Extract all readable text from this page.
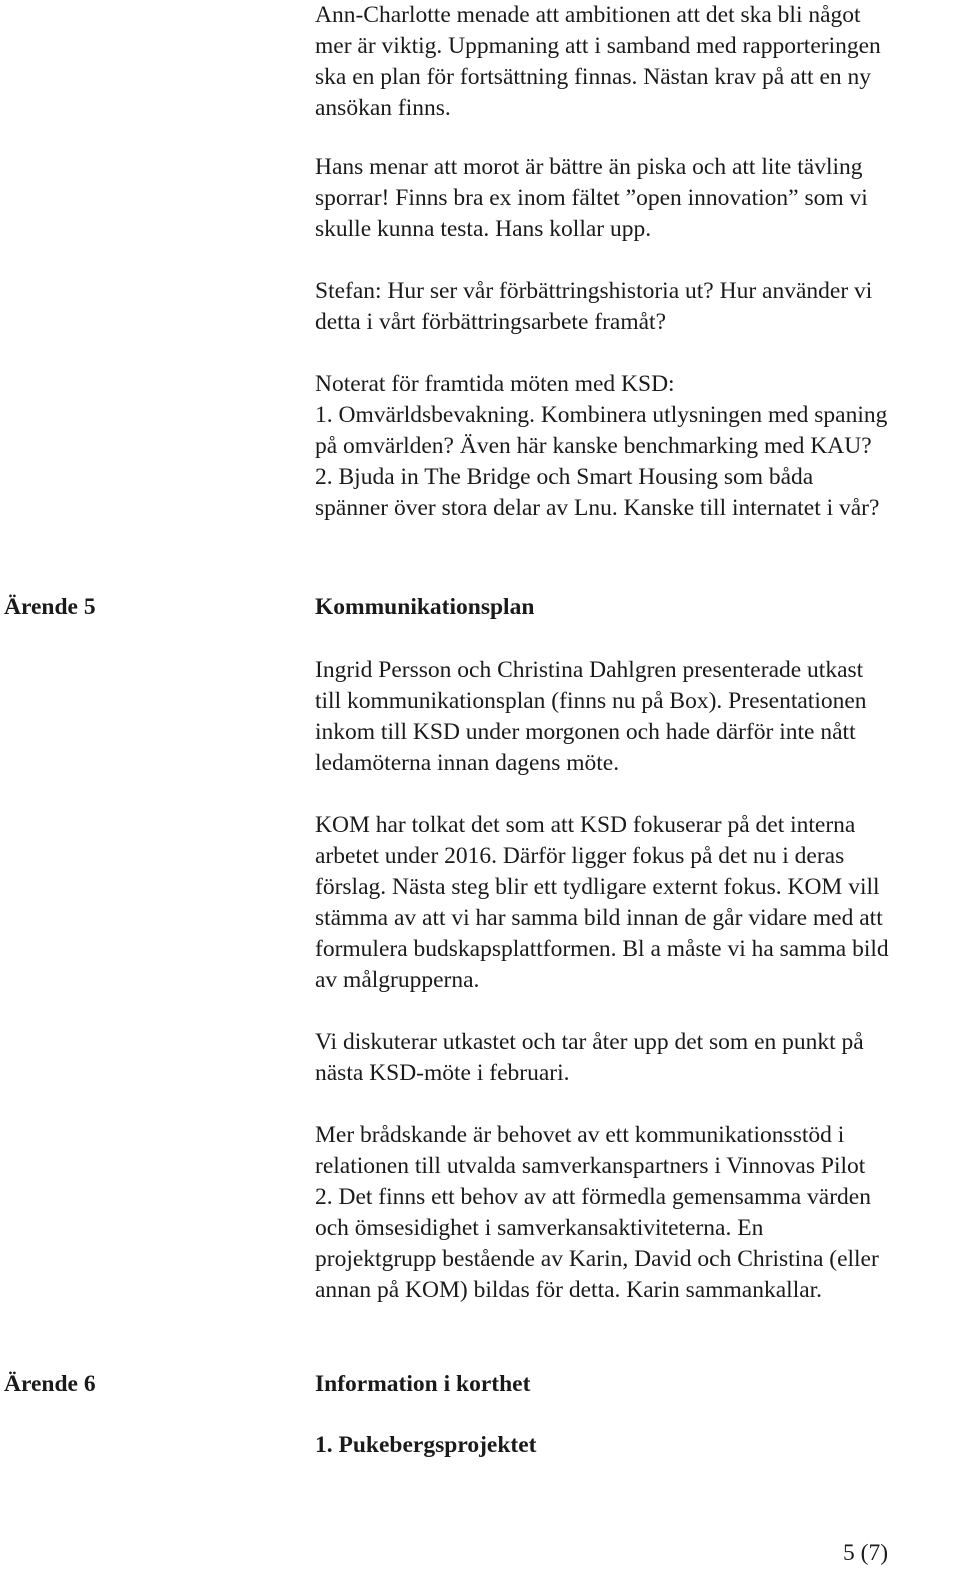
Ann-Charlotte menade att ambitionen att det ska bli något
mer är viktig. Uppmaning att i samband med rapporteringen
ska en plan för fortsättning finnas. Nästan krav på att en ny
ansökan finns.
Hans menar att morot är bättre än piska och att lite tävling
sporrar! Finns bra ex inom fältet ”open innovation” som vi
skulle kunna testa. Hans kollar upp.
Stefan: Hur ser vår förbättringshistoria ut? Hur använder vi
detta i vårt förbättringsarbete framåt?
Noterat för framtida möten med KSD:
1. Omvärldsbevakning. Kombinera utlysningen med spaning
på omvärlden? Även här kanske benchmarking med KAU?
2. Bjuda in The Bridge och Smart Housing som båda
spänner över stora delar av Lnu. Kanske till internatet i vår?
Ärende 5	Kommunikationsplan
Ingrid Persson och Christina Dahlgren presenterade utkast
till kommunikationsplan (finns nu på Box). Presentationen
inkom till KSD under morgonen och hade därför inte nått
ledamöterna innan dagens möte.
KOM har tolkat det som att KSD fokuserar på det interna
arbetet under 2016. Därför ligger fokus på det nu i deras
förslag. Nästa steg blir ett tydligare externt fokus. KOM vill
stämma av att vi har samma bild innan de går vidare med att
formulera budskapsplattformen. Bl a måste vi ha samma bild
av målgrupperna.
Vi diskuterar utkastet och tar åter upp det som en punkt på
nästa KSD-möte i februari.
Mer brådskande är behovet av ett kommunikationsstöd i
relationen till utvalda samverkanspartners i Vinnovas Pilot
2. Det finns ett behov av att förmedla gemensamma värden
och ömsesidighet i samverkansaktiviteterna. En
projektgrupp bestående av Karin, David och Christina (eller
annan på KOM) bildas för detta. Karin sammankallar.
Ärende 6	Information i korthet
1. Pukebergsprojektet
5 (7)
